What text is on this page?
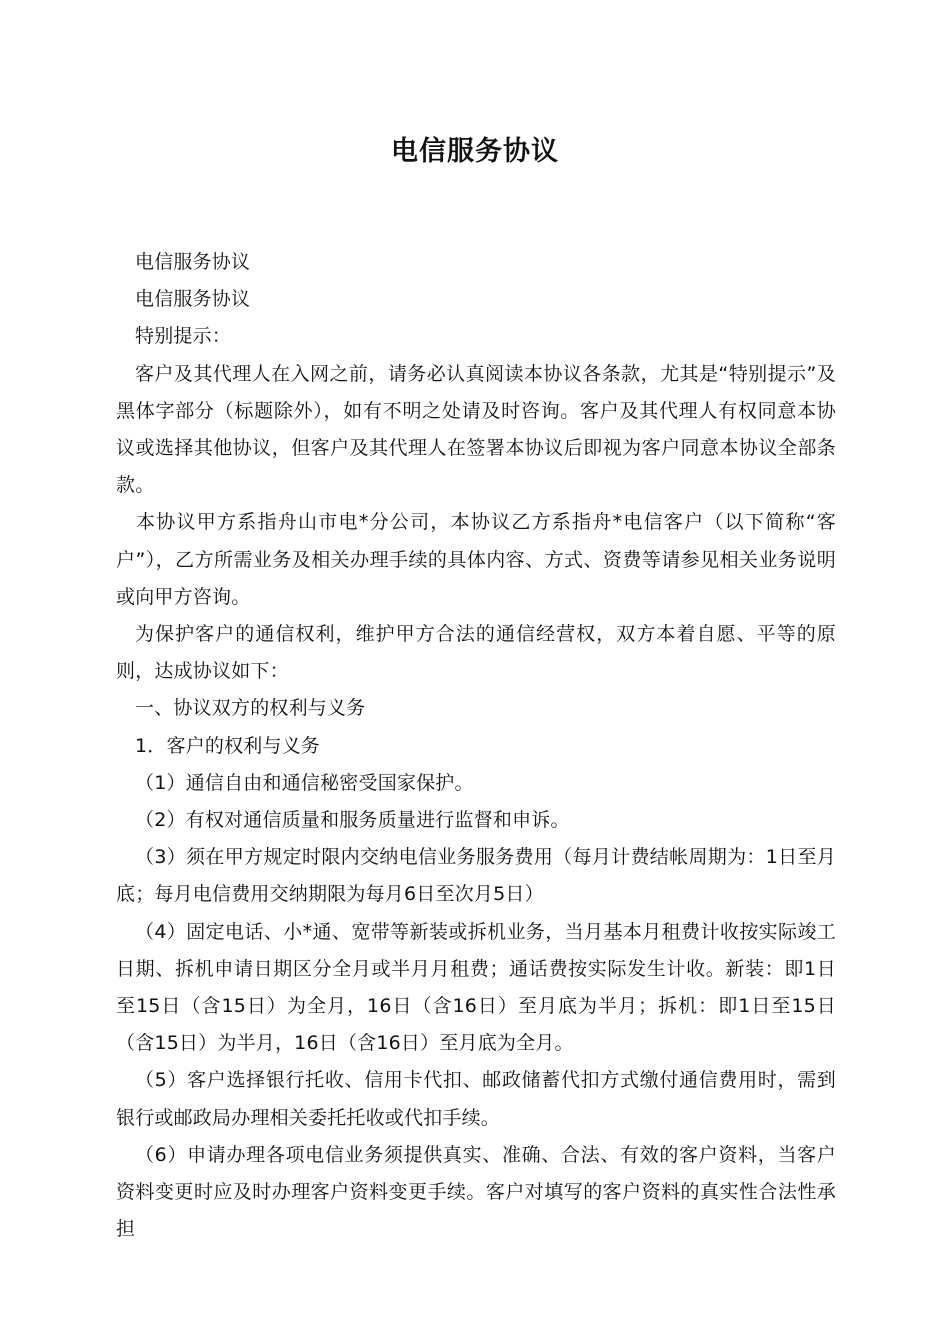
电信服务协议

电信服务协议

电信服务协议

特别提示：

客户及其代理人在入网之前，请务必认真阅读本协议各条款，尤其是“特别提示”及黑体字部分（标题除外），如有不明之处请及时咨询。客户及其代理人有权同意本协议或选择其他协议，但客户及其代理人在签署本协议后即视为客户同意本协议全部条款。

本协议甲方系指舟山市电*分公司，本协议乙方系指舟*电信客户（以下简称“客户”），乙方所需业务及相关办理手续的具体内容、方式、资费等请参见相关业务说明或向甲方咨询。

为保护客户的通信权利，维护甲方合法的通信经营权，双方本着自愿、平等的原则，达成协议如下：

一、协议双方的权利与义务

1．客户的权利与义务

（1）通信自由和通信秘密受国家保护。

（2）有权对通信质量和服务质量进行监督和申诉。

（3）须在甲方规定时限内交纳电信业务服务费用（每月计费结帐周期为：1日至月底；每月电信费用交纳期限为每月6日至次月5日）

（4）固定电话、小*通、宽带等新装或拆机业务，当月基本月租费计收按实际竣工日期、拆机申请日期区分全月或半月月租费；通话费按实际发生计收。新装：即1日至15日（含15日）为全月，16日（含16日）至月底为半月；拆机：即1日至15日（含15日）为半月，16日（含16日）至月底为全月。

（5）客户选择银行托收、信用卡代扣、邮政储蓄代扣方式缴付通信费用时，需到银行或邮政局办理相关委托托收或代扣手续。

（6）申请办理各项电信业务须提供真实、准确、合法、有效的客户资料，当客户资料变更时应及时办理客户资料变更手续。客户对填写的客户资料的真实性合法性承担
